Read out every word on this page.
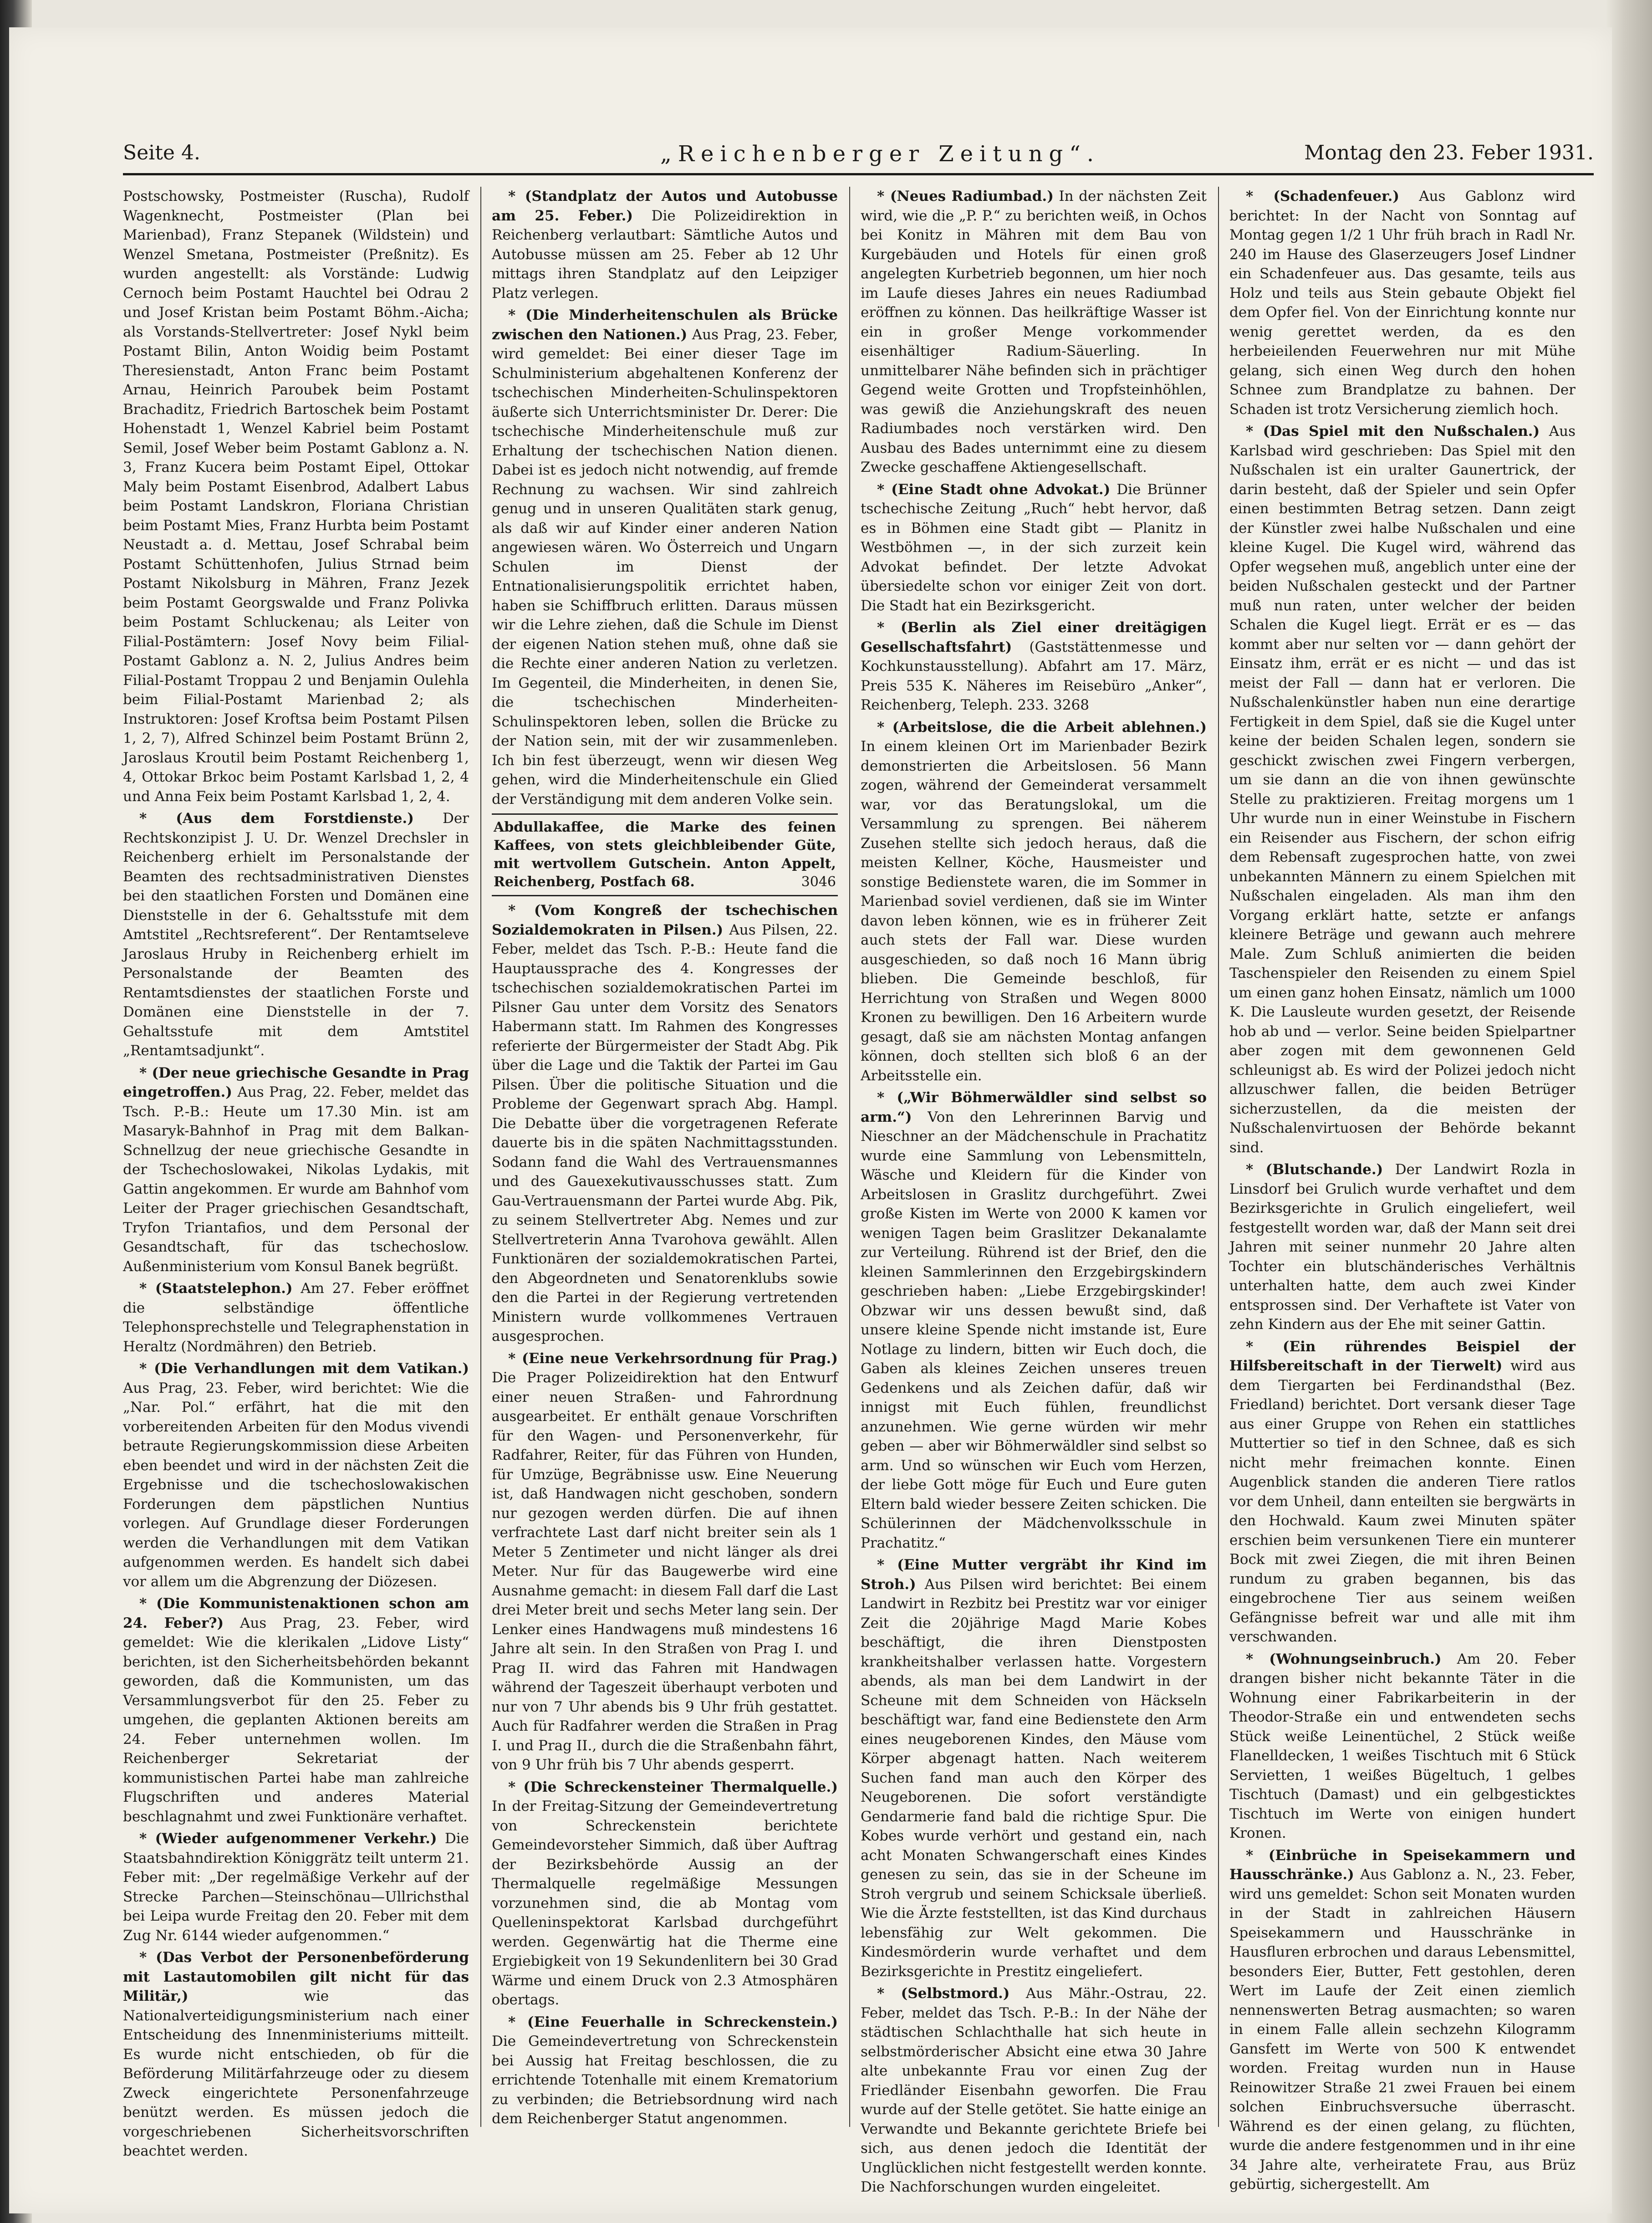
Seite 4.	„Reichenberger Zeitung“.	Montag den 23. Feber 1931.

Postschowsky, Postmeister (Ruscha), Rudolf Wagenknecht, Postmeister (Plan bei Marienbad), Franz Stepanek (Wildstein) und Wenzel Smetana, Postmeister (Preßnitz). Es wurden angestellt: als Vorstände: Ludwig Cernoch beim Postamt Hauchtel bei Odrau 2 und Josef Kristan beim Postamt Böhm.-Aicha; als Vorstands-Stellvertreter: Josef Nykl beim Postamt Bilin, Anton Woidig beim Postamt Theresienstadt, Anton Franc beim Postamt Arnau, Heinrich Paroubek beim Postamt Brachaditz, Friedrich Bartoschek beim Postamt Hohenstadt 1, Wenzel Kabriel beim Postamt Semil, Josef Weber beim Postamt Gablonz a. N. 3, Franz Kucera beim Postamt Eipel, Ottokar Maly beim Postamt Eisenbrod, Adalbert Labus beim Postamt Landskron, Floriana Christian beim Postamt Mies, Franz Hurbta beim Postamt Neustadt a. d. Mettau, Josef Schrabal beim Postamt Schüttenhofen, Julius Strnad beim Postamt Nikolsburg in Mähren, Franz Jezek beim Postamt Georgswalde und Franz Polivka beim Postamt Schluckenau; als Leiter von Filial-Postämtern: Josef Novy beim Filial-Postamt Gablonz a. N. 2, Julius Andres beim Filial-Postamt Troppau 2 und Benjamin Oulehla beim Filial-Postamt Marienbad 2; als Instruktoren: Josef Kroftsa beim Postamt Pilsen 1, 2, 7), Alfred Schinzel beim Postamt Brünn 2, Jaroslaus Kroutil beim Postamt Reichenberg 1, 4, Ottokar Brkoc beim Postamt Karlsbad 1, 2, 4 und Anna Feix beim Postamt Karlsbad 1, 2, 4.

* (Aus dem Forstdienste.) Der Rechtskonzipist J. U. Dr. Wenzel Drechsler in Reichenberg erhielt im Personalstande der Beamten des rechtsadministrativen Dienstes bei den staatlichen Forsten und Domänen eine Dienststelle in der 6. Gehaltsstufe mit dem Amtstitel „Rechtsreferent“. Der Rentamtseleve Jaroslaus Hruby in Reichenberg erhielt im Personalstande der Beamten des Rentamtsdienstes der staatlichen Forste und Domänen eine Dienststelle in der 7. Gehaltsstufe mit dem Amtstitel „Rentamtsadjunkt“.

* (Der neue griechische Gesandte in Prag eingetroffen.) Aus Prag, 22. Feber, meldet das Tsch. P.-B.: Heute um 17.30 Min. ist am Masaryk-Bahnhof in Prag mit dem Balkan-Schnellzug der neue griechische Gesandte in der Tschechoslowakei, Nikolas Lydakis, mit Gattin angekommen. Er wurde am Bahnhof vom Leiter der Prager griechischen Gesandtschaft, Tryfon Triantafios, und dem Personal der Gesandtschaft, für das tschechoslow. Außenministerium vom Konsul Banek begrüßt.

* (Staatstelephon.) Am 27. Feber eröffnet die selbständige öffentliche Telephonsprechstelle und Telegraphenstation in Heraltz (Nordmähren) den Betrieb.

* (Die Verhandlungen mit dem Vatikan.) Aus Prag, 23. Feber, wird berichtet: Wie die „Nar. Pol.“ erfährt, hat die mit den vorbereitenden Arbeiten für den Modus vivendi betraute Regierungskommission diese Arbeiten eben beendet und wird in der nächsten Zeit die Ergebnisse und die tschechoslowakischen Forderungen dem päpstlichen Nuntius vorlegen. Auf Grundlage dieser Forderungen werden die Verhandlungen mit dem Vatikan aufgenommen werden. Es handelt sich dabei vor allem um die Abgrenzung der Diözesen.

* (Die Kommunistenaktionen schon am 24. Feber?) Aus Prag, 23. Feber, wird gemeldet: Wie die klerikalen „Lidove Listy“ berichten, ist den Sicherheitsbehörden bekannt geworden, daß die Kommunisten, um das Versammlungsverbot für den 25. Feber zu umgehen, die geplanten Aktionen bereits am 24. Feber unternehmen wollen. Im Reichenberger Sekretariat der kommunistischen Partei habe man zahlreiche Flugschriften und anderes Material beschlagnahmt und zwei Funktionäre verhaftet.

* (Wieder aufgenommener Verkehr.) Die Staatsbahndirektion Königgrätz teilt unterm 21. Feber mit: „Der regelmäßige Verkehr auf der Strecke Parchen—Steinschönau—Ullrichsthal bei Leipa wurde Freitag den 20. Feber mit dem Zug Nr. 6144 wieder aufgenommen.“

* (Das Verbot der Personenbeförderung mit Lastautomobilen gilt nicht für das Militär,)	wie das Nationalverteidigungsministerium nach einer Entscheidung des Innenministeriums mitteilt. Es wurde nicht entschieden, ob für die Beförderung Militärfahrzeuge oder zu diesem Zweck eingerichtete Personenfahrzeuge benützt werden. Es müssen jedoch die vorgeschriebenen Sicherheitsvorschriften beachtet werden.

* (Standplatz der Autos und Autobusse am 25. Feber.) Die Polizeidirektion in Reichenberg verlautbart: Sämtliche Autos und Autobusse müssen am 25. Feber ab 12 Uhr mittags ihren Standplatz auf den Leipziger Platz verlegen.

* (Die Minderheitenschulen als Brücke zwischen den Nationen.) Aus Prag, 23. Feber, wird gemeldet: Bei einer dieser Tage im Schulministerium abgehaltenen Konferenz der tschechischen Minderheiten-Schulinspektoren äußerte sich Unterrichtsminister Dr. Derer: Die tschechische Minderheitenschule muß zur Erhaltung der tschechischen Nation dienen. Dabei ist es jedoch nicht notwendig, auf fremde Rechnung zu wachsen. Wir sind zahlreich genug und in unseren Qualitäten stark genug, als daß wir auf Kinder einer anderen Nation angewiesen wären. Wo Österreich und Ungarn Schulen im Dienst der Entnationalisierungspolitik errichtet haben, haben sie Schiffbruch erlitten. Daraus müssen wir die Lehre ziehen, daß die Schule im Dienst der eigenen Nation stehen muß, ohne daß sie die Rechte einer anderen Nation zu verletzen. Im Gegenteil, die Minderheiten, in denen Sie, die tschechischen Minderheiten-Schulinspektoren leben, sollen die Brücke zu der Nation sein, mit der wir zusammenleben. Ich bin fest überzeugt, wenn wir diesen Weg gehen, wird die Minderheitenschule ein Glied der Verständigung mit dem anderen Volke sein.

Abdullakaffee, die Marke des feinen Kaffees, von stets gleichbleibender Güte, mit wertvollem Gutschein. Anton Appelt, Reichenberg, Postfach 68.	3046

* (Vom Kongreß der tschechischen Sozialdemokraten in Pilsen.) Aus Pilsen, 22. Feber, meldet das Tsch. P.-B.: Heute fand die Hauptaussprache des 4. Kongresses der tschechischen sozialdemokratischen Partei im Pilsner Gau unter dem Vorsitz des Senators Habermann statt. Im Rahmen des Kongresses referierte der Bürgermeister der Stadt Abg. Pik über die Lage und die Taktik der Partei im Gau Pilsen. Über die politische Situation und die Probleme der Gegenwart sprach Abg. Hampl. Die Debatte über die vorgetragenen Referate dauerte bis in die späten Nachmittagsstunden. Sodann fand die Wahl des Vertrauensmannes und des Gauexekutivausschusses statt. Zum Gau-Vertrauensmann der Partei wurde Abg. Pik, zu seinem Stellvertreter Abg. Nemes und zur Stellvertreterin Anna Tvarohova gewählt. Allen Funktionären der sozialdemokratischen Partei, den Abgeordneten und Senatorenklubs sowie den die Partei in der Regierung vertretenden Ministern wurde vollkommenes Vertrauen ausgesprochen.

* (Eine neue Verkehrsordnung für Prag.) Die Prager Polizeidirektion hat den Entwurf einer neuen Straßen- und Fahrordnung ausgearbeitet. Er enthält genaue Vorschriften für den Wagen- und Personenverkehr, für Radfahrer, Reiter, für das Führen von Hunden, für Umzüge, Begräbnisse usw. Eine Neuerung ist, daß Handwagen nicht geschoben, sondern nur gezogen werden dürfen. Die auf ihnen verfrachtete Last darf nicht breiter sein als 1 Meter 5 Zentimeter und nicht länger als drei Meter. Nur für das Baugewerbe wird eine Ausnahme gemacht: in diesem Fall darf die Last drei Meter breit und sechs Meter lang sein. Der Lenker eines Handwagens muß mindestens 16 Jahre alt sein. In den Straßen von Prag I. und Prag II. wird das Fahren mit Handwagen während der Tageszeit überhaupt verboten und nur von 7 Uhr abends bis 9 Uhr früh gestattet. Auch für Radfahrer werden die Straßen in Prag I. und Prag II., durch die die Straßenbahn fährt, von 9 Uhr früh bis 7 Uhr abends gesperrt.

* (Die Schreckensteiner Thermalquelle.) In der Freitag-Sitzung der Gemeindevertretung von Schreckenstein berichtete Gemeindevorsteher Simmich, daß über Auftrag der Bezirksbehörde Aussig an der Thermalquelle regelmäßige Messungen vorzunehmen sind, die ab Montag vom Quelleninspektorat Karlsbad durchgeführt werden. Gegenwärtig hat die Therme eine Ergiebigkeit von 19 Sekundenlitern bei 30 Grad Wärme und einem Druck von 2.3 Atmosphären obertags.

* (Eine Feuerhalle in Schreckenstein.) Die Gemeindevertretung von Schreckenstein bei Aussig hat Freitag beschlossen, die zu errichtende Totenhalle mit einem Krematorium zu verbinden; die Betriebsordnung wird nach dem Reichenberger Statut angenommen.

* (Neues Radiumbad.) In der nächsten Zeit wird, wie die „P. P.“ zu berichten weiß, in Ochos bei Konitz in Mähren mit dem Bau von Kurgebäuden und Hotels für einen groß angelegten Kurbetrieb begonnen, um hier noch im Laufe dieses Jahres ein neues Radiumbad eröffnen zu können. Das heilkräftige Wasser ist ein in großer Menge vorkommender eisenhältiger Radium-Säuerling. In unmittelbarer Nähe befinden sich in prächtiger Gegend weite Grotten und Tropfsteinhöhlen, was gewiß die Anziehungskraft des neuen Radiumbades noch verstärken wird. Den Ausbau des Bades unternimmt eine zu diesem Zwecke geschaffene Aktiengesellschaft.

* (Eine Stadt ohne Advokat.) Die Brünner tschechische Zeitung „Ruch“ hebt hervor, daß es in Böhmen eine Stadt gibt — Planitz in Westböhmen —, in der sich zurzeit kein Advokat befindet. Der letzte Advokat übersiedelte schon vor einiger Zeit von dort. Die Stadt hat ein Bezirksgericht.

* (Berlin als Ziel einer dreitägigen Gesellschaftsfahrt) (Gaststättenmesse und Kochkunstausstellung). Abfahrt am 17. März, Preis 535 K. Näheres im Reisebüro „Anker“, Reichenberg, Teleph. 233. 3268

* (Arbeitslose, die die Arbeit ablehnen.) In einem kleinen Ort im Marienbader Bezirk demonstrierten die Arbeitslosen. 56 Mann zogen, während der Gemeinderat versammelt war, vor das Beratungslokal, um die Versammlung zu sprengen. Bei näherem Zusehen stellte sich jedoch heraus, daß die meisten Kellner, Köche, Hausmeister und sonstige Bedienstete waren, die im Sommer in Marienbad soviel verdienen, daß sie im Winter davon leben können, wie es in früherer Zeit auch stets der Fall war. Diese wurden ausgeschieden, so daß noch 16 Mann übrig blieben. Die Gemeinde beschloß, für Herrichtung von Straßen und Wegen 8000 Kronen zu bewilligen. Den 16 Arbeitern wurde gesagt, daß sie am nächsten Montag anfangen können, doch stellten sich bloß 6 an der Arbeitsstelle ein.

* („Wir Böhmerwäldler sind selbst so arm.“) Von den Lehrerinnen Barvig und Nieschner an der Mädchenschule in Prachatitz wurde eine Sammlung von Lebensmitteln, Wäsche und Kleidern für die Kinder von Arbeitslosen in Graslitz durchgeführt. Zwei große Kisten im Werte von 2000 K kamen vor wenigen Tagen beim Graslitzer Dekanalamte zur Verteilung. Rührend ist der Brief, den die kleinen Sammlerinnen den Erzgebirgskindern geschrieben haben: „Liebe Erzgebirgskinder! Obzwar wir uns dessen bewußt sind, daß unsere kleine Spende nicht imstande ist, Eure Notlage zu lindern, bitten wir Euch doch, die Gaben als kleines Zeichen unseres treuen Gedenkens und als Zeichen dafür, daß wir innigst mit Euch fühlen, freundlichst anzunehmen. Wie gerne würden wir mehr geben — aber wir Böhmerwäldler sind selbst so arm. Und so wünschen wir Euch vom Herzen, der liebe Gott möge für Euch und Eure guten Eltern bald wieder bessere Zeiten schicken. Die Schülerinnen der Mädchenvolksschule in Prachatitz.“

* (Eine Mutter vergräbt ihr Kind im Stroh.) Aus Pilsen wird berichtet: Bei einem Landwirt in Rezbitz bei Prestitz war vor einiger Zeit die 20jährige Magd Marie Kobes beschäftigt, die ihren Dienstposten krankheitshalber verlassen hatte. Vorgestern abends, als man bei dem Landwirt in der Scheune mit dem Schneiden von Häckseln beschäftigt war, fand eine Bedienstete den Arm eines neugeborenen Kindes, den Mäuse vom Körper abgenagt hatten. Nach weiterem Suchen fand man auch den Körper des Neugeborenen. Die sofort verständigte Gendarmerie fand bald die richtige Spur. Die Kobes wurde verhört und gestand ein, nach acht Monaten Schwangerschaft eines Kindes genesen zu sein, das sie in der Scheune im Stroh vergrub und seinem Schicksale überließ. Wie die Ärzte feststellten, ist das Kind durchaus lebensfähig zur Welt gekommen. Die Kindesmörderin wurde verhaftet und dem Bezirksgerichte in Prestitz eingeliefert.

* (Selbstmord.) Aus Mähr.-Ostrau, 22. Feber, meldet das Tsch. P.-B.: In der Nähe der städtischen Schlachthalle hat sich heute in selbstmörderischer Absicht eine etwa 30 Jahre alte unbekannte Frau vor einen Zug der Friedländer Eisenbahn geworfen. Die Frau wurde auf der Stelle getötet. Sie hatte einige an Verwandte und Bekannte gerichtete Briefe bei sich, aus denen jedoch die Identität der Unglücklichen nicht festgestellt werden konnte. Die Nachforschungen wurden eingeleitet.

* (Schadenfeuer.) Aus Gablonz wird berichtet: In der Nacht von Sonntag auf Montag gegen 1/2 1 Uhr früh brach in Radl Nr. 240 im Hause des Glaserzeugers Josef Lindner ein Schadenfeuer aus. Das gesamte, teils aus Holz und teils aus Stein gebaute Objekt fiel dem Opfer fiel. Von der Einrichtung konnte nur wenig gerettet werden, da es den herbeieilenden Feuerwehren nur mit Mühe gelang, sich einen Weg durch den hohen Schnee zum Brandplatze zu bahnen. Der Schaden ist trotz Versicherung ziemlich hoch.

* (Das Spiel mit den Nußschalen.) Aus Karlsbad wird geschrieben: Das Spiel mit den Nußschalen ist ein uralter Gaunertrick, der darin besteht, daß der Spieler und sein Opfer einen bestimmten Betrag setzen. Dann zeigt der Künstler zwei halbe Nußschalen und eine kleine Kugel. Die Kugel wird, während das Opfer wegsehen muß, angeblich unter eine der beiden Nußschalen gesteckt und der Partner muß nun raten, unter welcher der beiden Schalen die Kugel liegt. Errät er es — das kommt aber nur selten vor — dann gehört der Einsatz ihm, errät er es nicht — und das ist meist der Fall — dann hat er verloren. Die Nußschalenkünstler haben nun eine derartige Fertigkeit in dem Spiel, daß sie die Kugel unter keine der beiden Schalen legen, sondern sie geschickt zwischen zwei Fingern verbergen, um sie dann an die von ihnen gewünschte Stelle zu praktizieren. Freitag morgens um 1 Uhr wurde nun in einer Weinstube in Fischern ein Reisender aus Fischern, der schon eifrig dem Rebensaft zugesprochen hatte, von zwei unbekannten Männern zu einem Spielchen mit Nußschalen eingeladen. Als man ihm den Vorgang erklärt hatte, setzte er anfangs kleinere Beträge und gewann auch mehrere Male. Zum Schluß animierten die beiden Taschenspieler den Reisenden zu einem Spiel um einen ganz hohen Einsatz, nämlich um 1000 K. Die Lausleute wurden gesetzt, der Reisende hob ab und — verlor. Seine beiden Spielpartner aber zogen mit dem gewonnenen Geld schleunigst ab. Es wird der Polizei jedoch nicht allzuschwer fallen, die beiden Betrüger sicherzustellen, da die meisten der Nußschalenvirtuosen der Behörde bekannt sind.

* (Blutschande.) Der Landwirt Rozla in Linsdorf bei Grulich wurde verhaftet und dem Bezirksgerichte in Grulich eingeliefert, weil festgestellt worden war, daß der Mann seit drei Jahren mit seiner nunmehr 20 Jahre alten Tochter ein blutschänderisches Verhältnis unterhalten hatte, dem auch zwei Kinder entsprossen sind. Der Verhaftete ist Vater von zehn Kindern aus der Ehe mit seiner Gattin.

* (Ein rührendes Beispiel der Hilfsbereitschaft in der Tierwelt) wird aus dem Tiergarten bei Ferdinandsthal (Bez. Friedland) berichtet. Dort versank dieser Tage aus einer Gruppe von Rehen ein stattliches Muttertier so tief in den Schnee, daß es sich nicht mehr freimachen konnte. Einen Augenblick standen die anderen Tiere ratlos vor dem Unheil, dann enteilten sie bergwärts in den Hochwald. Kaum zwei Minuten später erschien beim versunkenen Tiere ein munterer Bock mit zwei Ziegen, die mit ihren Beinen rundum zu graben begannen, bis das eingebrochene Tier aus seinem weißen Gefängnisse befreit war und alle mit ihm verschwanden.

* (Wohnungseinbruch.) Am 20. Feber drangen bisher nicht bekannte Täter in die Wohnung einer Fabrikarbeiterin in der Theodor-Straße ein und entwendeten sechs Stück weiße Leinentüchel, 2 Stück weiße Flanelldecken, 1 weißes Tischtuch mit 6 Stück Servietten, 1 weißes Bügeltuch, 1 gelbes Tischtuch (Damast) und ein gelbgesticktes Tischtuch im Werte von einigen hundert Kronen.

* (Einbrüche in Speisekammern und Hausschränke.) Aus Gablonz a. N., 23. Feber, wird uns gemeldet: Schon seit Monaten wurden in der Stadt in zahlreichen Häusern Speisekammern und Hausschränke in Hausfluren erbrochen und daraus Lebensmittel, besonders Eier, Butter, Fett gestohlen, deren Wert im Laufe der Zeit einen ziemlich nennenswerten Betrag ausmachten; so waren in einem Falle allein sechzehn Kilogramm Gansfett im Werte von 500 K entwendet worden. Freitag wurden nun in Hause Reinowitzer Straße 21 zwei Frauen bei einem solchen Einbruchsversuche überrascht. Während es der einen gelang, zu flüchten, wurde die andere festgenommen und in ihr eine 34 Jahre alte, verheiratete Frau, aus Brüz gebürtig, sichergestellt. Am
